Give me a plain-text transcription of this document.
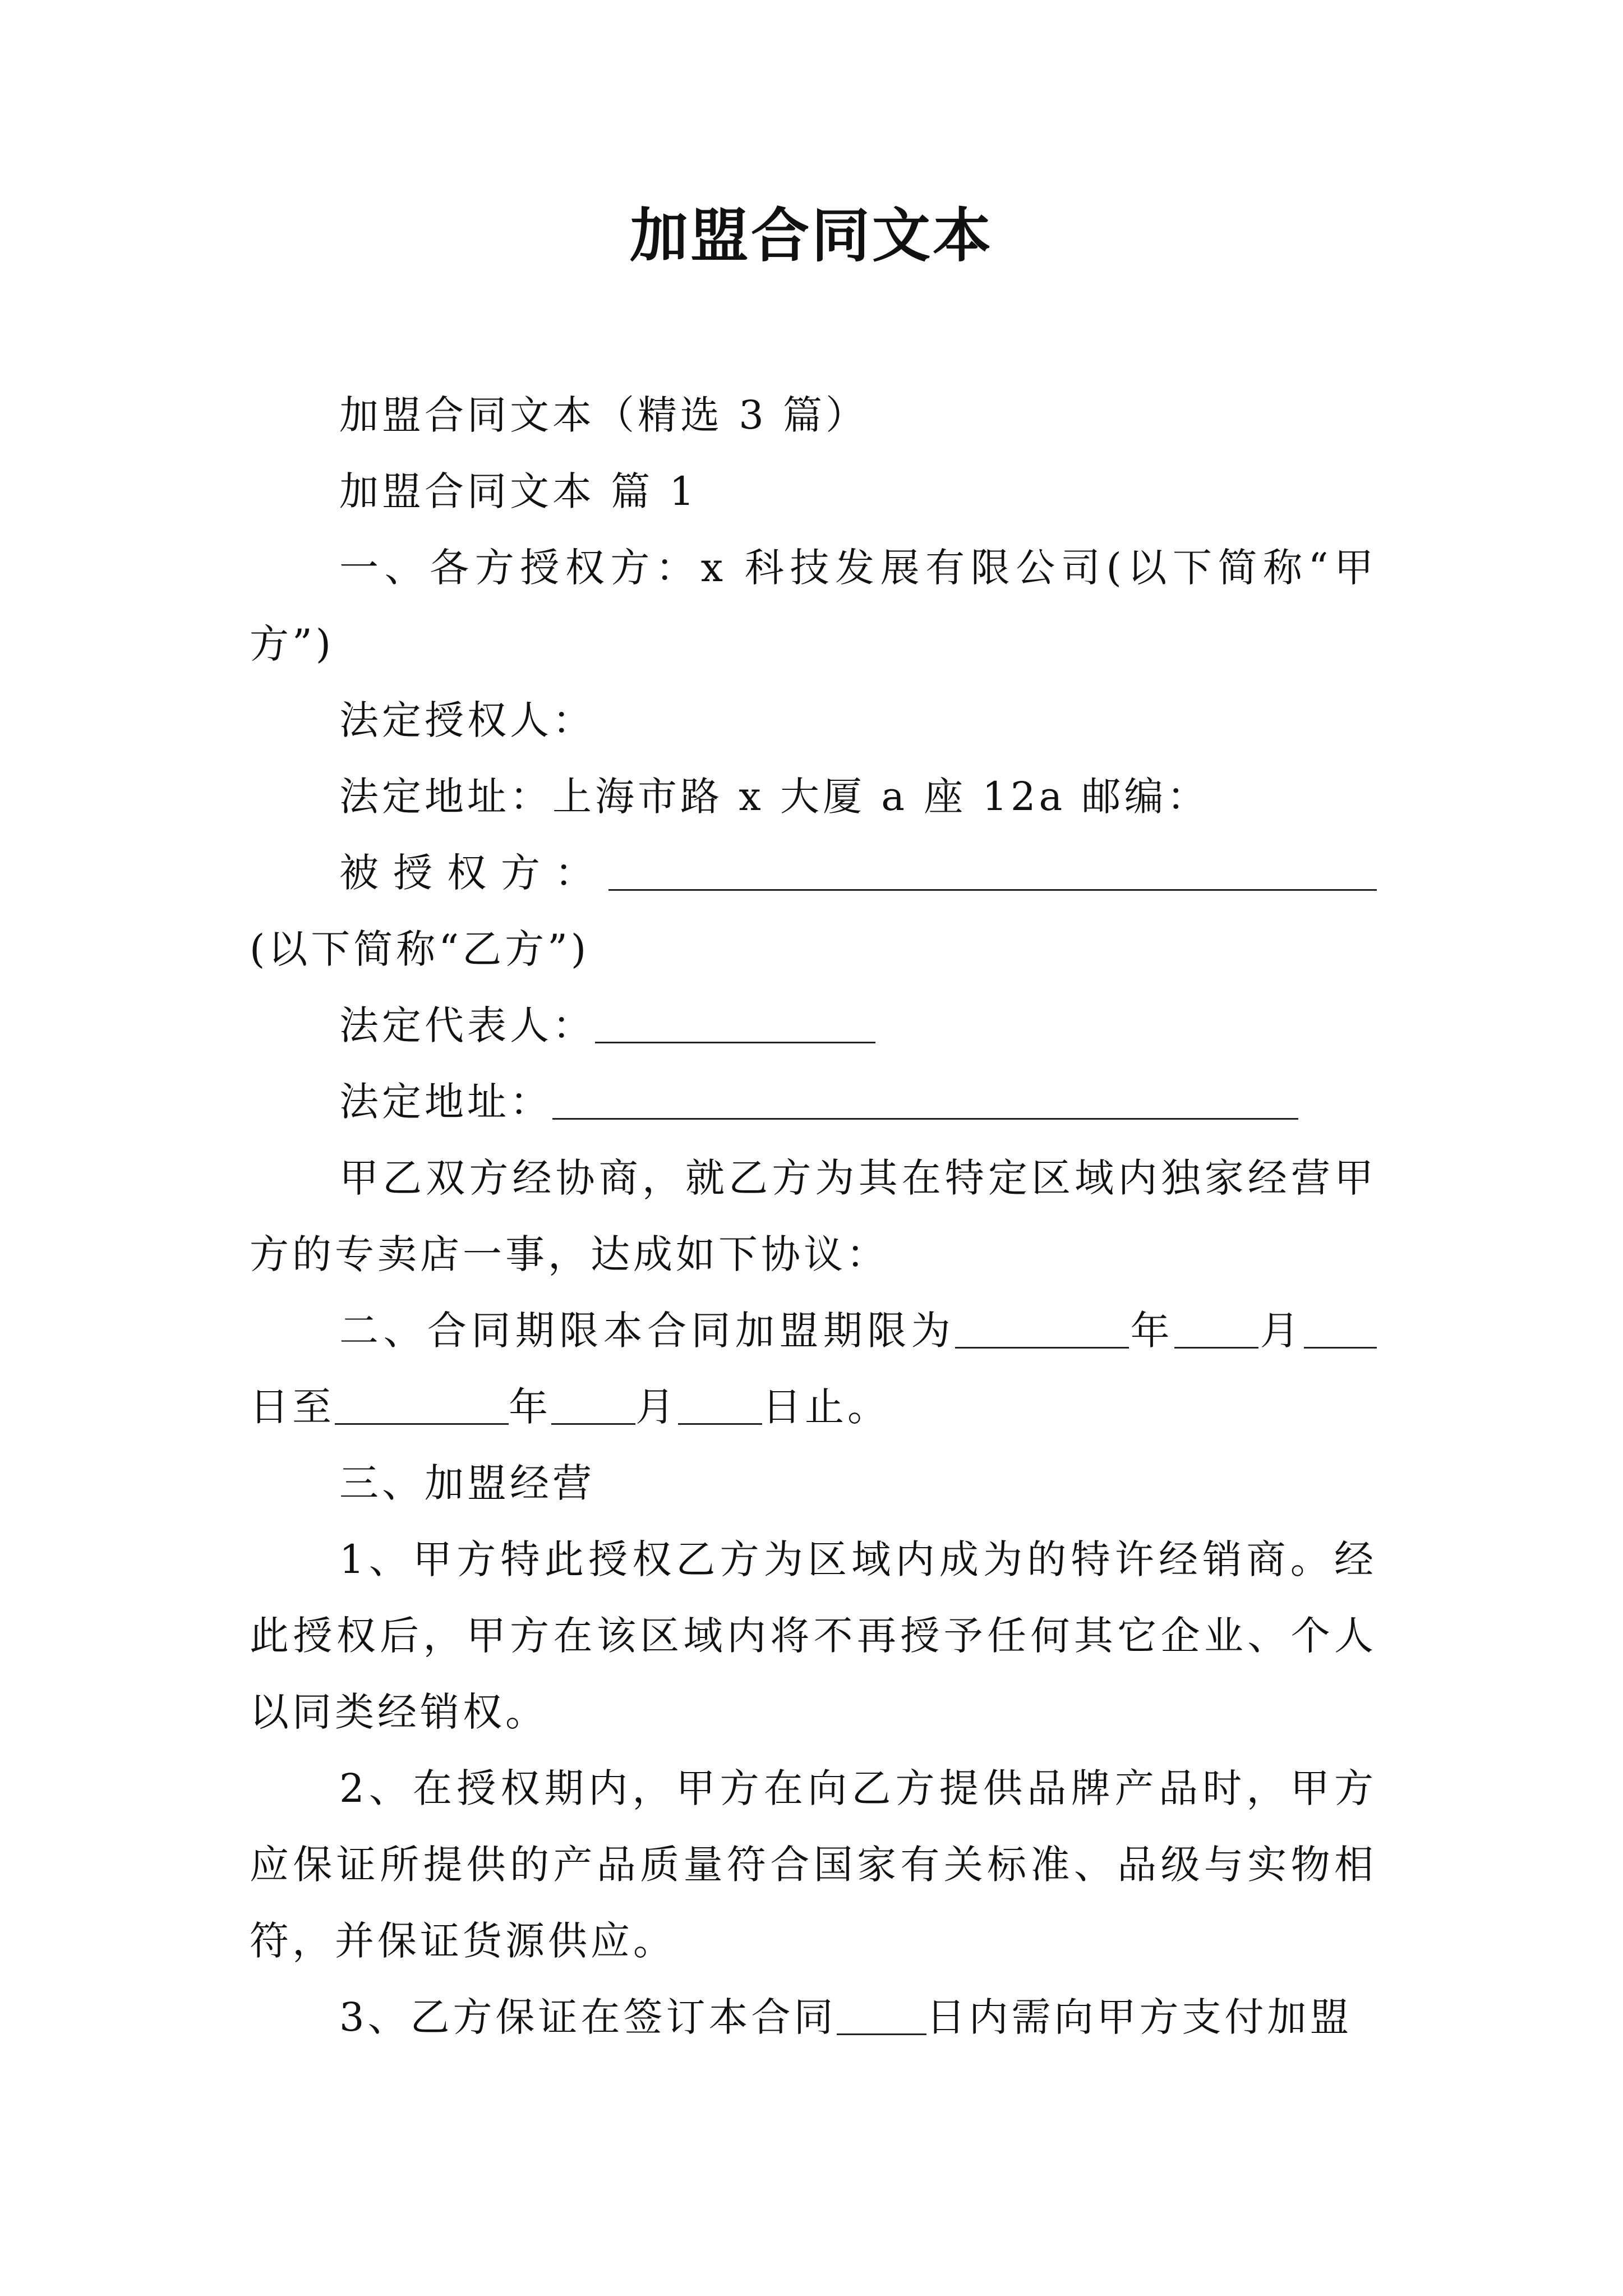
加盟合同文本

加盟合同文本（精选 3 篇）

加盟合同文本 篇 1

一、各方授权方：x 科技发展有限公司(以下简称“甲方”)

法定授权人：

法定地址：上海市路 x 大厦 a 座 12a 邮编：

被授权方：(以下简称“乙方”)

法定代表人：

法定地址：

甲乙双方经协商，就乙方为其在特定区域内独家经营甲方的专卖店一事，达成如下协议：

二、合同期限本合同加盟期限为	年 月日至	年 月 日止。

三、加盟经营

1、甲方特此授权乙方为区域内成为的特许经销商。经此授权后，甲方在该区域内将不再授予任何其它企业、个人以同类经销权。

2、在授权期内，甲方在向乙方提供品牌产品时，甲方应保证所提供的产品质量符合国家有关标准、品级与实物相符，并保证货源供应。

3、乙方保证在签订本合同 日内需向甲方支付加盟
